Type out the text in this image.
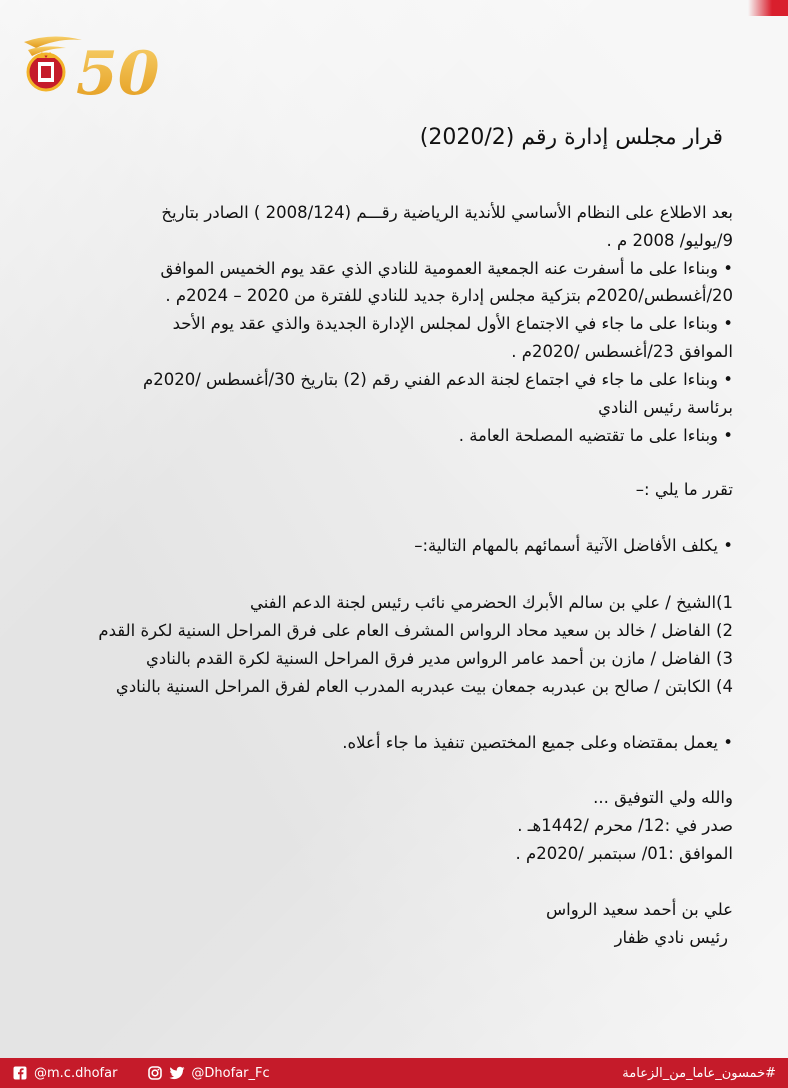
50
قرار مجلس إدارة رقم (2020/2)

بعد الاطلاع على النظام الأساسي للأندية الرياضية رقـــم (2008/124 ) الصادر بتاريخ

9/يوليو/ 2008 م .

• وبناءا على ما أسفرت عنه الجمعية العمومية للنادي الذي عقد يوم الخميس الموافق

20/أغسطس/2020م بتزكية مجلس إدارة جديد للنادي للفترة من 2020 – 2024م .

• وبناءا على ما جاء في الاجتماع الأول لمجلس الإدارة الجديدة والذي عقد يوم الأحد

الموافق 23/أغسطس /2020م .

• وبناءا على ما جاء في اجتماع لجنة الدعم الفني رقم (2) بتاريخ 30/أغسطس /2020م

برئاسة رئيس النادي

• وبناءا على ما تقتضيه المصلحة العامة .

تقرر ما يلي :–

• يكلف الأفاضل الآتية أسمائهم بالمهام التالية:–

1)الشيخ / علي بن سالم الأبرك الحضرمي نائب رئيس لجنة الدعم الفني

2) الفاضل / خالد بن سعيد محاد الرواس المشرف العام على فرق المراحل السنية لكرة القدم

3) الفاضل / مازن بن أحمد عامر الرواس مدير فرق المراحل السنية لكرة القدم بالنادي

4) الكابتن / صالح بن عبدربه جمعان بيت عبدربه المدرب العام لفرق المراحل السنية بالنادي

• يعمل بمقتضاه وعلى جميع المختصين تنفيذ ما جاء أعلاه.

والله ولي التوفيق ...

صدر في :12/ محرم /1442هـ .

الموافق :01/ سبتمبر /2020م .

علي بن أحمد سعيد الرواس

رئيس نادي ظفار

@m.c.dhofar	@Dhofar_Fc	#خمسون_عاما_من_الزعامة
